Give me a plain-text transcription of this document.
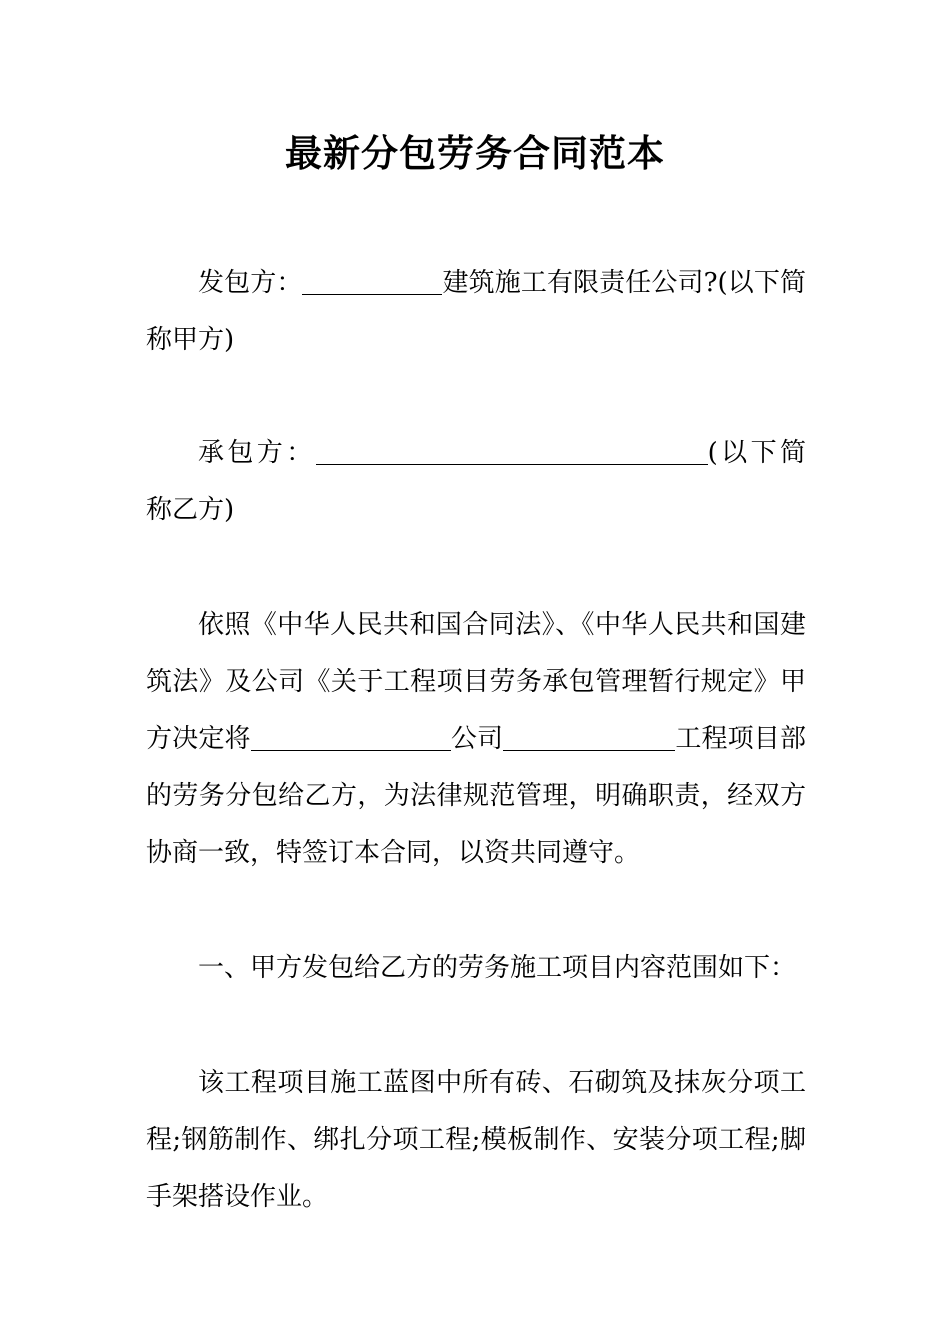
最新分包劳务合同范本

发包方：	建筑施工有限责任公司?(以下简称甲方)

承包方：	(以下简称乙方)

依照《中华人民共和国合同法》、《中华人民共和国建筑法》及公司《关于工程项目劳务承包管理暂行规定》甲方决定将	公司	工程项目部的劳务分包给乙方，为法律规范管理，明确职责，经双方协商一致，特签订本合同，以资共同遵守。

一、甲方发包给乙方的劳务施工项目内容范围如下：

该工程项目施工蓝图中所有砖、石砌筑及抹灰分项工程;钢筋制作、绑扎分项工程;模板制作、安装分项工程;脚手架搭设作业。
